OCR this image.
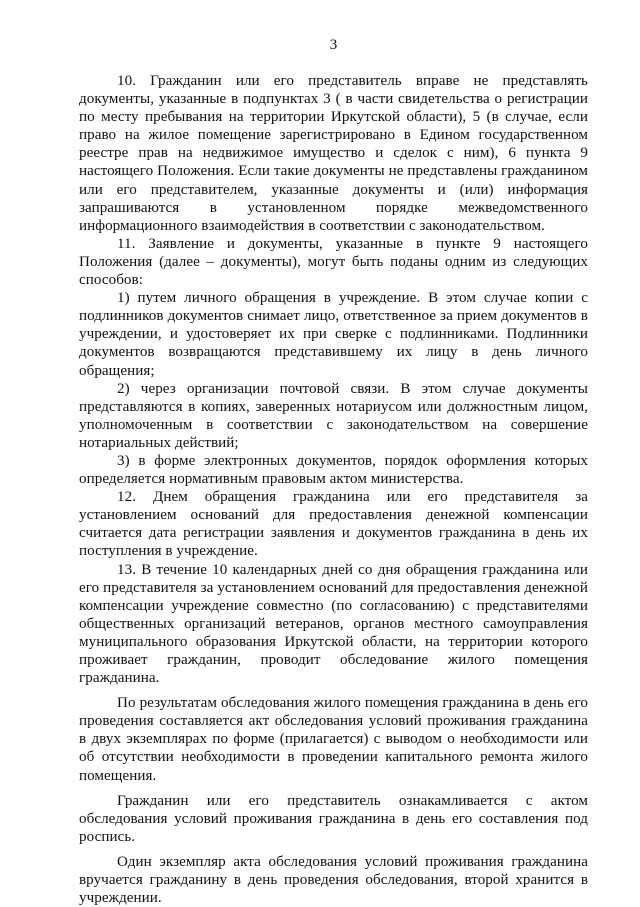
3

10. Гражданин или его представитель вправе не представлять документы, указанные в подпунктах 3 ( в части свидетельства о регистрации по месту пребывания на территории Иркутской области), 5 (в случае, если право на жилое помещение зарегистрировано в Едином государственном реестре прав на недвижимое имущество и сделок с ним), 6 пункта 9 настоящего Положения. Если такие документы не представлены гражданином или его представителем, указанные документы и (или) информация запрашиваются в установленном порядке межведомственного информационного взаимодействия в соответствии с законодательством.

11. Заявление и документы, указанные в пункте 9 настоящего Положения (далее – документы), могут быть поданы одним из следующих способов:

1) путем личного обращения в учреждение. В этом случае копии с подлинников документов снимает лицо, ответственное за прием документов в учреждении, и удостоверяет их при сверке с подлинниками. Подлинники документов возвращаются представившему их лицу в день личного обращения;

2) через организации почтовой связи. В этом случае документы представляются в копиях, заверенных нотариусом или должностным лицом, уполномоченным в соответствии с законодательством на совершение нотариальных действий;

3) в форме электронных документов, порядок оформления которых определяется нормативным правовым актом министерства.

12. Днем обращения гражданина или его представителя за установлением оснований для предоставления денежной компенсации считается дата регистрации заявления и документов гражданина в день их поступления в учреждение.

13. В течение 10 календарных дней со дня обращения гражданина или его представителя за установлением оснований для предоставления денежной компенсации учреждение совместно (по согласованию) с представителями общественных организаций ветеранов, органов местного самоуправления муниципального образования Иркутской области, на территории которого проживает гражданин, проводит обследование жилого помещения гражданина.

По результатам обследования жилого помещения гражданина в день его проведения составляется акт обследования условий проживания гражданина в двух экземплярах по форме (прилагается) с выводом о необходимости или об отсутствии необходимости в проведении капитального ремонта жилого помещения.

Гражданин или его представитель ознакамливается с актом обследования условий проживания гражданина в день его составления под роспись.

Один экземпляр акта обследования условий проживания гражданина вручается гражданину в день проведения обследования, второй хранится в учреждении.
